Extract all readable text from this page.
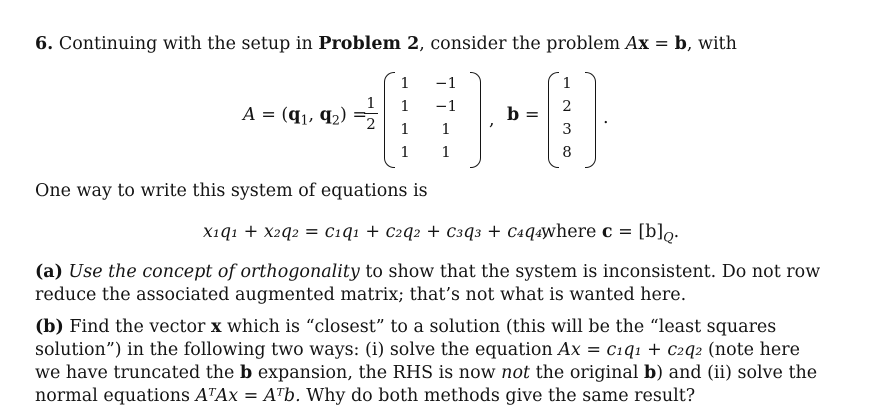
6. Continuing with the setup in Problem 2, consider the problem Ax = b, with
$A = (q_1$, $q_2$) =
1
2
1	−1
1	−1
1	1
1	1
, b =
1
2
3
8
.
One way to write this system of equations is
x₁q₁ + x₂q₂ = c₁q₁ + c₂q₂ + c₃q₃ + c₄q₄,
where $c = [b]_Q$.
(a) Use the concept of orthogonality to show that the system is inconsistent. Do not row reduce the associated augmented matrix; that’s not what is wanted here.
(b) Find the vector x which is “closest” to a solution (this will be the “least squares solution”) in the following two ways: (i) solve the equation Ax = c₁q₁ + c₂q₂ (note here we have truncated the b expansion, the RHS is now not the original b) and (ii) solve the normal equations AᵀAx = Aᵀb. Why do both methods give the same result?
